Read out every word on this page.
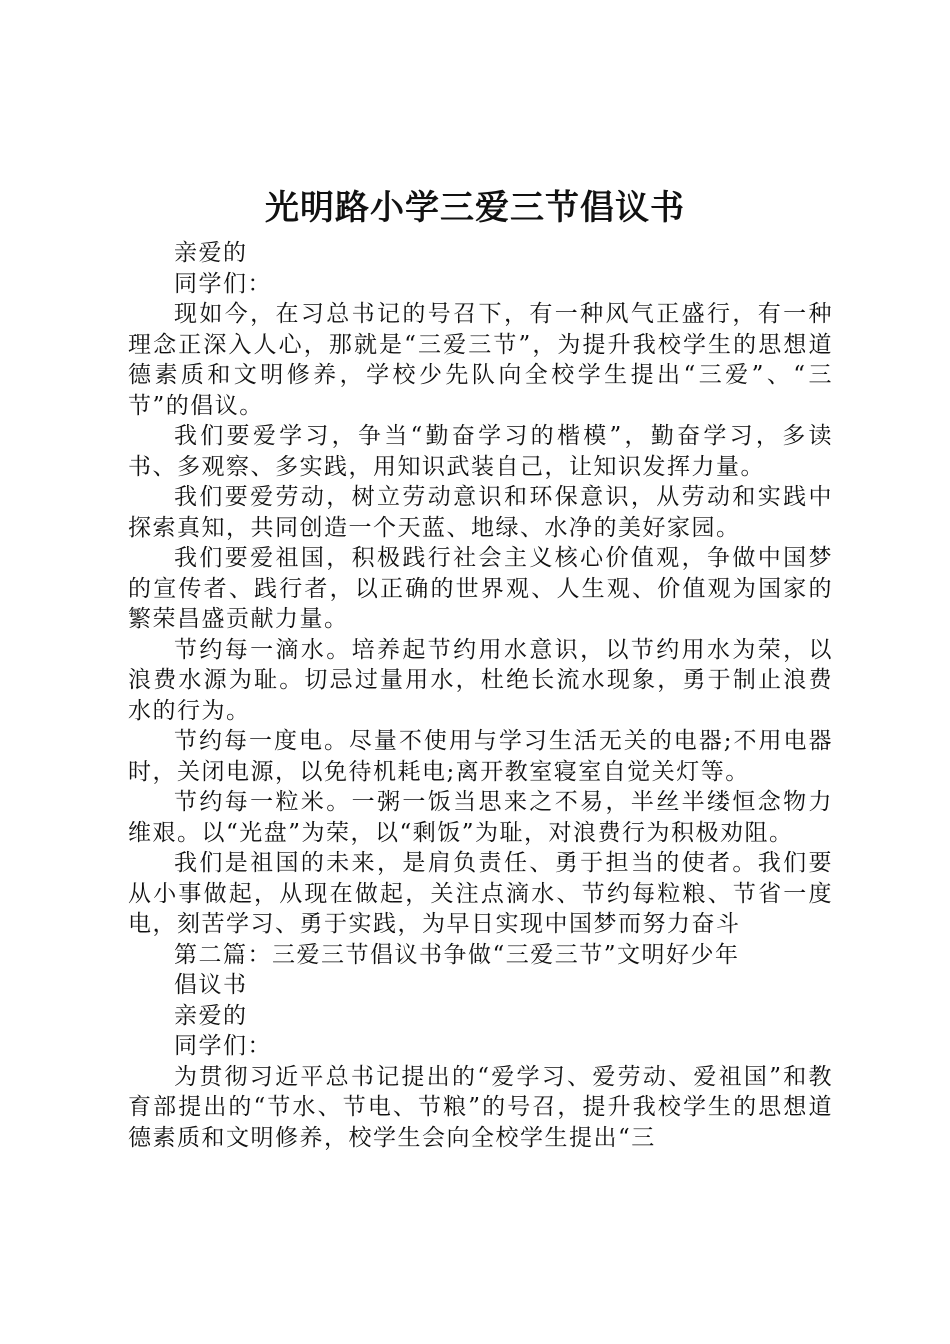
光明路小学三爱三节倡议书

亲爱的

同学们：

现如今，在习总书记的号召下，有一种风气正盛行，有一种理念正深入人心，那就是“三爱三节”，为提升我校学生的思想道德素质和文明修养，学校少先队向全校学生提出“三爱”、“三节”的倡议。

我们要爱学习，争当“勤奋学习的楷模”，勤奋学习，多读书、多观察、多实践，用知识武装自己，让知识发挥力量。

我们要爱劳动，树立劳动意识和环保意识，从劳动和实践中探索真知，共同创造一个天蓝、地绿、水净的美好家园。

我们要爱祖国，积极践行社会主义核心价值观，争做中国梦的宣传者、践行者，以正确的世界观、人生观、价值观为国家的繁荣昌盛贡献力量。

节约每一滴水。培养起节约用水意识，以节约用水为荣，以浪费水源为耻。切忌过量用水，杜绝长流水现象，勇于制止浪费水的行为。

节约每一度电。尽量不使用与学习生活无关的电器;不用电器时，关闭电源，以免待机耗电;离开教室寝室自觉关灯等。

节约每一粒米。一粥一饭当思来之不易，半丝半缕恒念物力维艰。以“光盘”为荣，以“剩饭”为耻，对浪费行为积极劝阻。

我们是祖国的未来，是肩负责任、勇于担当的使者。我们要从小事做起，从现在做起，关注点滴水、节约每粒粮、节省一度电，刻苦学习、勇于实践，为早日实现中国梦而努力奋斗

第二篇：三爱三节倡议书争做“三爱三节”文明好少年

倡议书

亲爱的

同学们：

为贯彻习近平总书记提出的“爱学习、爱劳动、爱祖国”和教育部提出的“节水、节电、节粮”的号召，提升我校学生的思想道德素质和文明修养，校学生会向全校学生提出“三
